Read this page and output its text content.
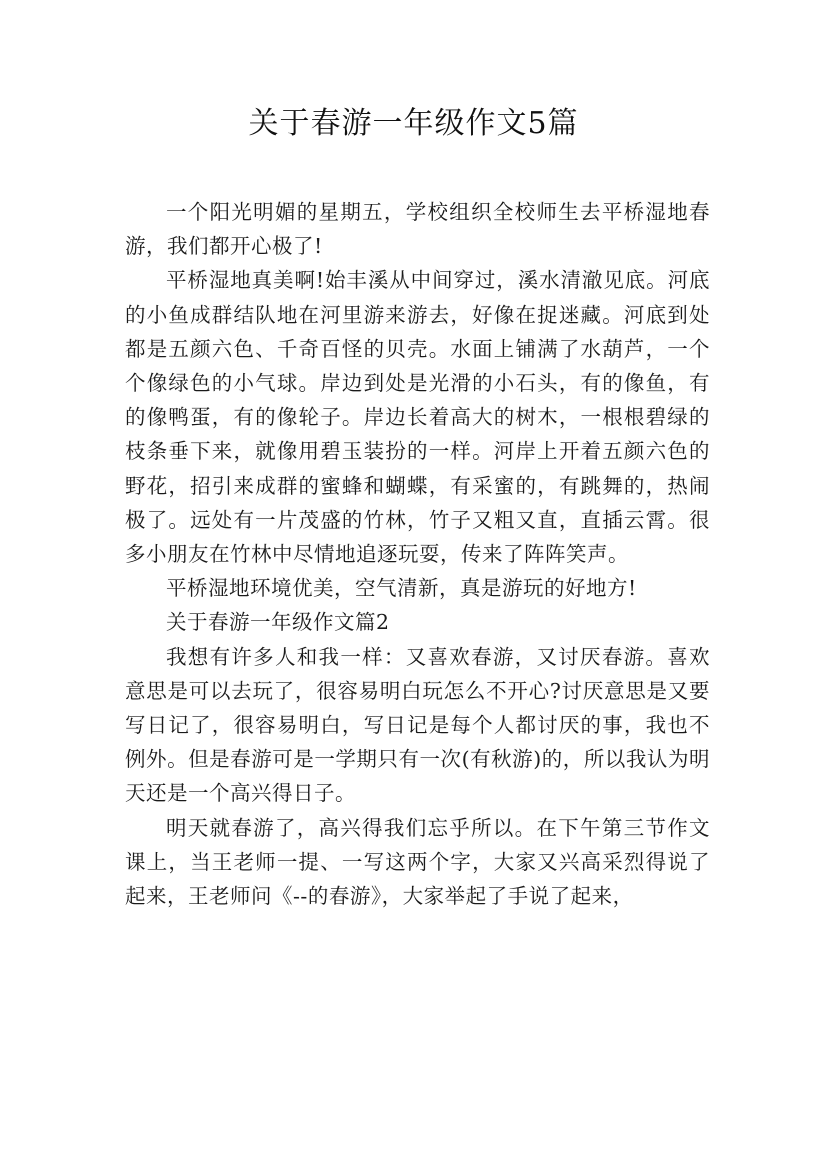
关于春游一年级作文5篇

一个阳光明媚的星期五，学校组织全校师生去平桥湿地春游，我们都开心极了!

平桥湿地真美啊!始丰溪从中间穿过，溪水清澈见底。河底的小鱼成群结队地在河里游来游去，好像在捉迷藏。河底到处都是五颜六色、千奇百怪的贝壳。水面上铺满了水葫芦，一个个像绿色的小气球。岸边到处是光滑的小石头，有的像鱼，有的像鸭蛋，有的像轮子。岸边长着高大的树木，一根根碧绿的枝条垂下来，就像用碧玉装扮的一样。河岸上开着五颜六色的野花，招引来成群的蜜蜂和蝴蝶，有采蜜的，有跳舞的，热闹极了。远处有一片茂盛的竹林，竹子又粗又直，直插云霄。很多小朋友在竹林中尽情地追逐玩耍，传来了阵阵笑声。

平桥湿地环境优美，空气清新，真是游玩的好地方!

关于春游一年级作文篇2

我想有许多人和我一样：又喜欢春游，又讨厌春游。喜欢意思是可以去玩了，很容易明白玩怎么不开心?讨厌意思是又要写日记了，很容易明白，写日记是每个人都讨厌的事，我也不例外。但是春游可是一学期只有一次(有秋游)的，所以我认为明天还是一个高兴得日子。

明天就春游了，高兴得我们忘乎所以。在下午第三节作文课上，当王老师一提、一写这两个字，大家又兴高采烈得说了起来，王老师问《--的春游》，大家举起了手说了起来，
